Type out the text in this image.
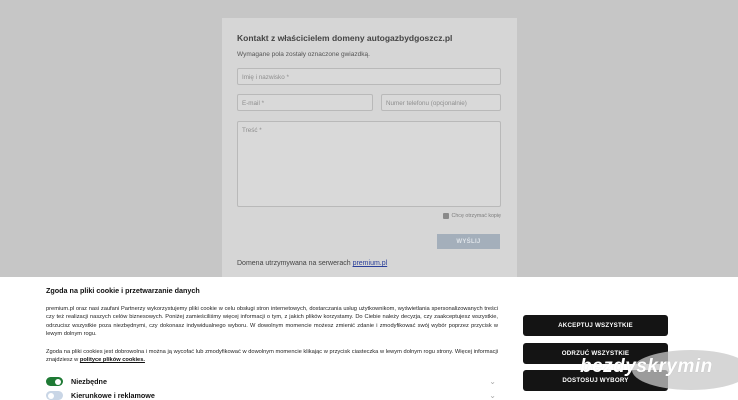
Kontakt z właścicielem domeny autogazbydgoszcz.pl
Wymagane pola zostały oznaczone gwiazdką.
Imię i nazwisko *
E-mail *	Numer telefonu (opcjonalnie)
Treść *
Chcę otrzymać kopię
WYŚLIJ
Domena utrzymywana na serwerach premium.pl
Zgoda na pliki cookie i przetwarzanie danych
premium.pl oraz nasi zaufani Partnerzy wykorzystujemy pliki cookie w celu obsługi stron internetowych, dostarczania usług użytkownikom, wyświetlania spersonalizowanych treści czy też realizacji naszych celów biznesowych. Poniżej zamieściliśmy więcej informacji o tym, z jakich plików korzystamy. Do Ciebie należy decyzja, czy zaakceptujesz wszystkie, odrzucisz wszystkie poza niezbędnymi, czy dokonasz indywidualnego wyboru. W dowolnym momencie możesz zmienić zdanie i zmodyfikować swój wybór poprzez przycisk w lewym dolnym rogu.
Zgoda na pliki cookies jest dobrowolna i można ją wycofać lub zmodyfikować w dowolnym momencie klikając w przycisk ciasteczka w lewym dolnym rogu strony. Więcej informacji znajdziesz w polityce plików cookies.
Niezbędne	⌄
Kierunkowe i reklamowe	⌄
AKCEPTUJ WSZYSTKIE
ODRZUĆ WSZYSTKIE
DOSTOSUJ WYBORY
bezdyskrymin
